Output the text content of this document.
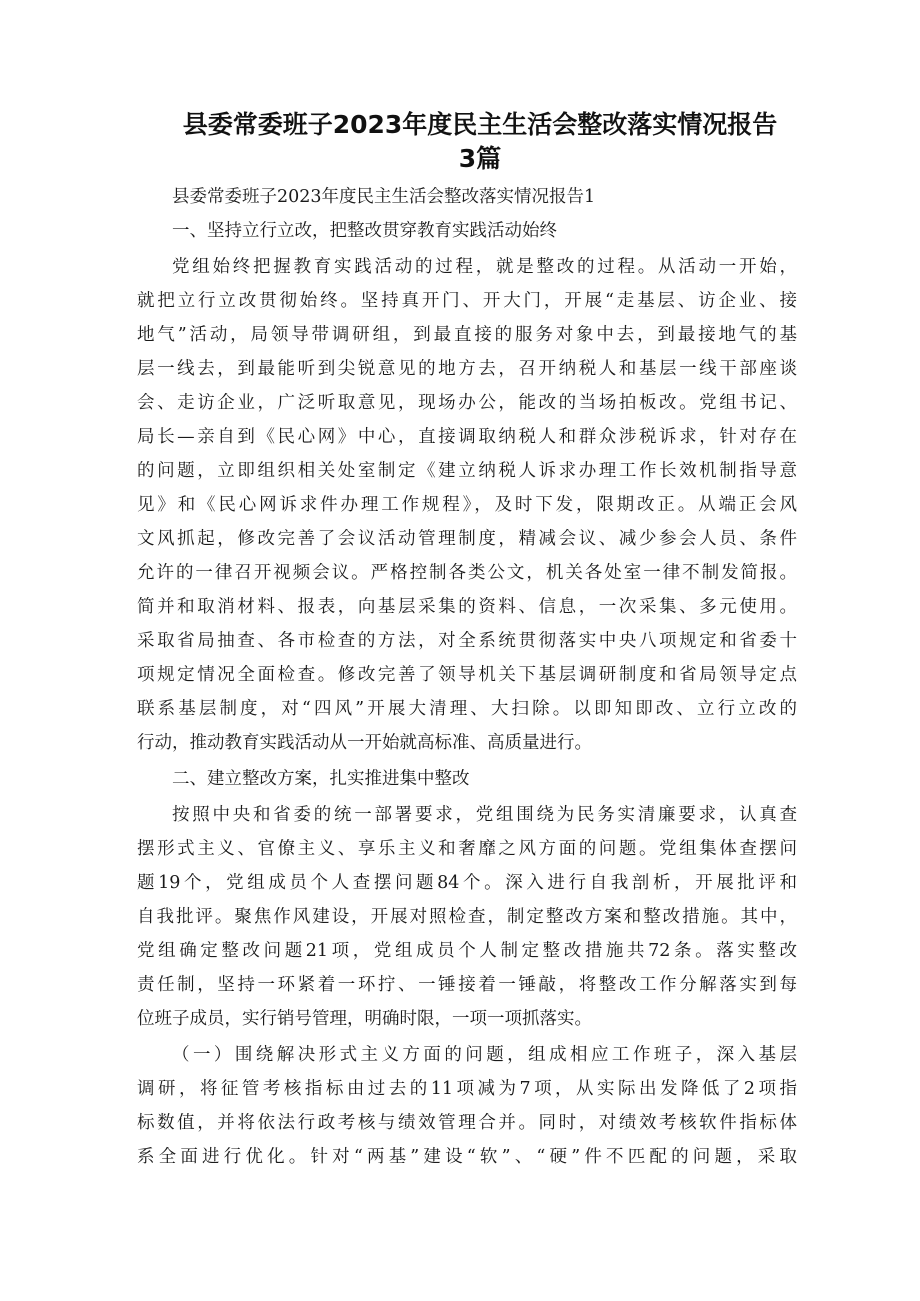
县委常委班子2023年度民主生活会整改落实情况报告
3篇
县委常委班子2023年度民主生活会整改落实情况报告1
一、坚持立行立改，把整改贯穿教育实践活动始终
党组始终把握教育实践活动的过程，就是整改的过程。从活动一开始，
就把立行立改贯彻始终。坚持真开门、开大门，开展“走基层、访企业、接
地气”活动，局领导带调研组，到最直接的服务对象中去，到最接地气的基
层一线去，到最能听到尖锐意见的地方去，召开纳税人和基层一线干部座谈
会、走访企业，广泛听取意见，现场办公，能改的当场拍板改。党组书记、
局长—亲自到《民心网》中心，直接调取纳税人和群众涉税诉求，针对存在
的问题，立即组织相关处室制定《建立纳税人诉求办理工作长效机制指导意
见》和《民心网诉求件办理工作规程》，及时下发，限期改正。从端正会风
文风抓起，修改完善了会议活动管理制度，精减会议、减少参会人员、条件
允许的一律召开视频会议。严格控制各类公文，机关各处室一律不制发简报。
简并和取消材料、报表，向基层采集的资料、信息，一次采集、多元使用。
采取省局抽查、各市检查的方法，对全系统贯彻落实中央八项规定和省委十
项规定情况全面检查。修改完善了领导机关下基层调研制度和省局领导定点
联系基层制度，对“四风”开展大清理、大扫除。以即知即改、立行立改的
行动，推动教育实践活动从一开始就高标准、高质量进行。
二、建立整改方案，扎实推进集中整改
按照中央和省委的统一部署要求，党组围绕为民务实清廉要求，认真查
摆形式主义、官僚主义、享乐主义和奢靡之风方面的问题。党组集体查摆问
题19个，党组成员个人查摆问题84个。深入进行自我剖析，开展批评和
自我批评。聚焦作风建设，开展对照检查，制定整改方案和整改措施。其中，
党组确定整改问题21项，党组成员个人制定整改措施共72条。落实整改
责任制，坚持一环紧着一环拧、一锤接着一锤敲，将整改工作分解落实到每
位班子成员，实行销号管理，明确时限，一项一项抓落实。
（一）围绕解决形式主义方面的问题，组成相应工作班子，深入基层
调研，将征管考核指标由过去的11项减为7项，从实际出发降低了2项指
标数值，并将依法行政考核与绩效管理合并。同时，对绩效考核软件指标体
系全面进行优化。针对“两基”建设“软”、“硬”件不匹配的问题，采取
